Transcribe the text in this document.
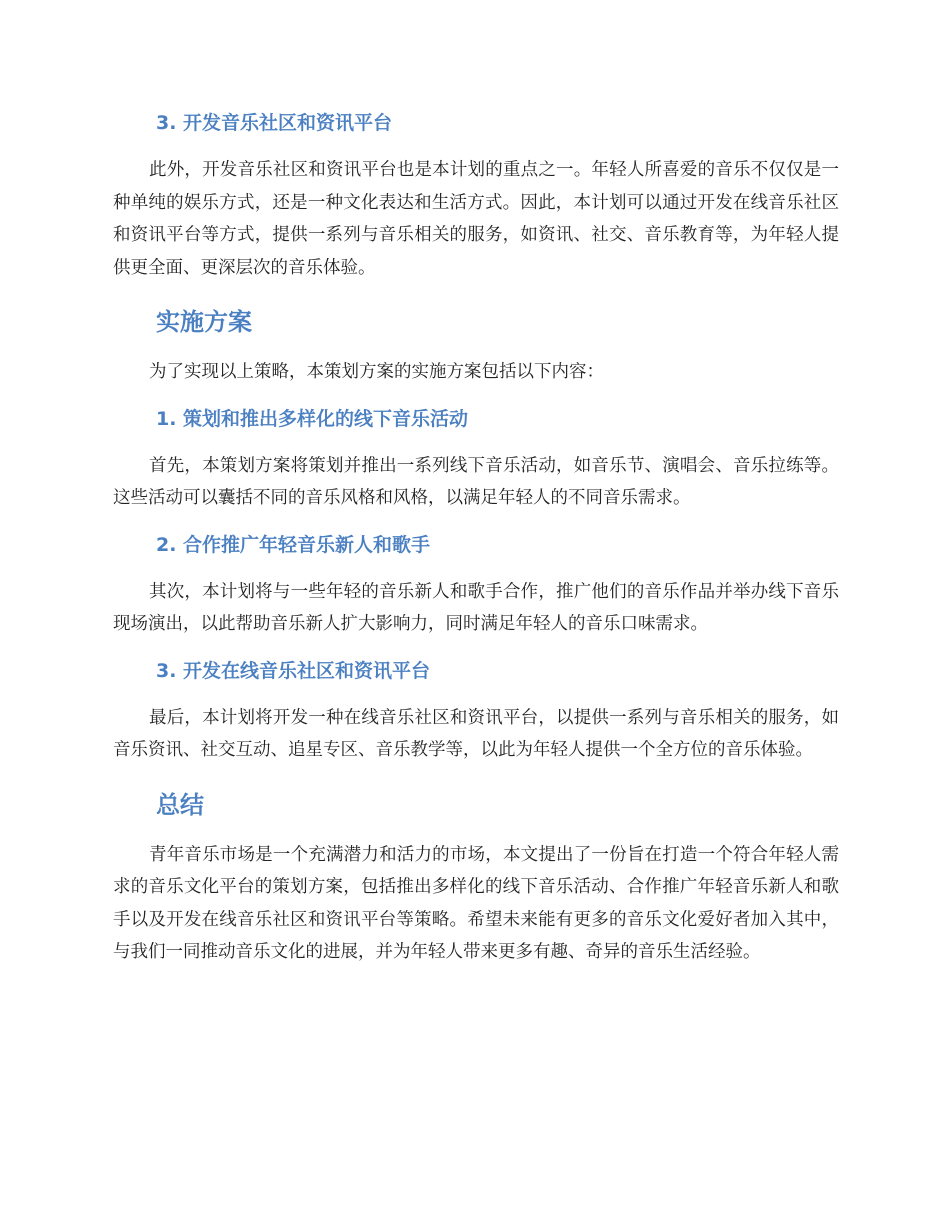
3. 开发音乐社区和资讯平台

此外，开发音乐社区和资讯平台也是本计划的重点之一。年轻人所喜爱的音乐不仅仅是一种单纯的娱乐方式，还是一种文化表达和生活方式。因此，本计划可以通过开发在线音乐社区和资讯平台等方式，提供一系列与音乐相关的服务，如资讯、社交、音乐教育等，为年轻人提供更全面、更深层次的音乐体验。

实施方案

为了实现以上策略，本策划方案的实施方案包括以下内容：

1. 策划和推出多样化的线下音乐活动

首先，本策划方案将策划并推出一系列线下音乐活动，如音乐节、演唱会、音乐拉练等。这些活动可以囊括不同的音乐风格和风格，以满足年轻人的不同音乐需求。

2. 合作推广年轻音乐新人和歌手

其次，本计划将与一些年轻的音乐新人和歌手合作，推广他们的音乐作品并举办线下音乐现场演出，以此帮助音乐新人扩大影响力，同时满足年轻人的音乐口味需求。

3. 开发在线音乐社区和资讯平台

最后，本计划将开发一种在线音乐社区和资讯平台，以提供一系列与音乐相关的服务，如音乐资讯、社交互动、追星专区、音乐教学等，以此为年轻人提供一个全方位的音乐体验。

总结

青年音乐市场是一个充满潜力和活力的市场，本文提出了一份旨在打造一个符合年轻人需求的音乐文化平台的策划方案，包括推出多样化的线下音乐活动、合作推广年轻音乐新人和歌手以及开发在线音乐社区和资讯平台等策略。希望未来能有更多的音乐文化爱好者加入其中，与我们一同推动音乐文化的进展，并为年轻人带来更多有趣、奇异的音乐生活经验。
